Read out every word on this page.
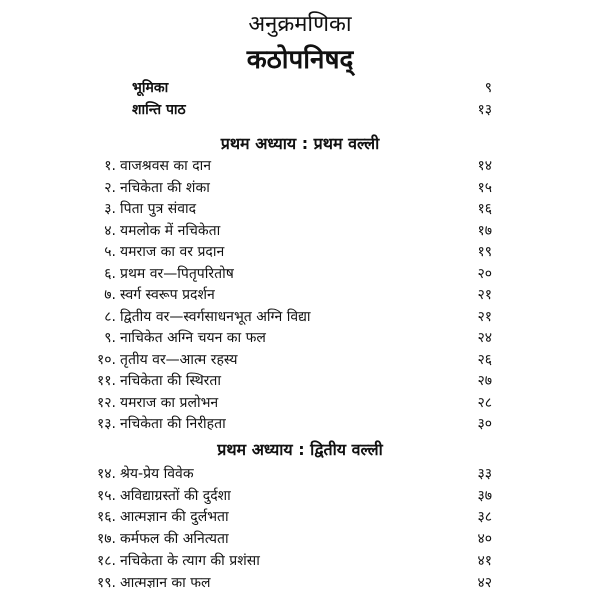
अनुक्रमणिका
कठोपनिषद्
भूमिका	९
शान्ति पाठ	१३
प्रथम अध्याय : प्रथम वल्ली
१. वाजश्रवस का दान	१४
२. नचिकेता की शंका	१५
३. पिता पुत्र संवाद	१६
४. यमलोक में नचिकेता	१७
५. यमराज का वर प्रदान	१९
६. प्रथम वर—पितृपरितोष	२०
७. स्वर्ग स्वरूप प्रदर्शन	२१
८. द्वितीय वर—स्वर्गसाधनभूत अग्नि विद्या	२१
९. नाचिकेत अग्नि चयन का फल	२४
१०. तृतीय वर—आत्म रहस्य	२६
११. नचिकेता की स्थिरता	२७
१२. यमराज का प्रलोभन	२८
१३. नचिकेता की निरीहता	३०
प्रथम अध्याय : द्वितीय वल्ली
१४. श्रेय-प्रेय विवेक	३३
१५. अविद्याग्रस्तों की दुर्दशा	३७
१६. आत्मज्ञान की दुर्लभता	३८
१७. कर्मफल की अनित्यता	४०
१८. नचिकेता के त्याग की प्रशंसा	४१
१९. आत्मज्ञान का फल	४२
